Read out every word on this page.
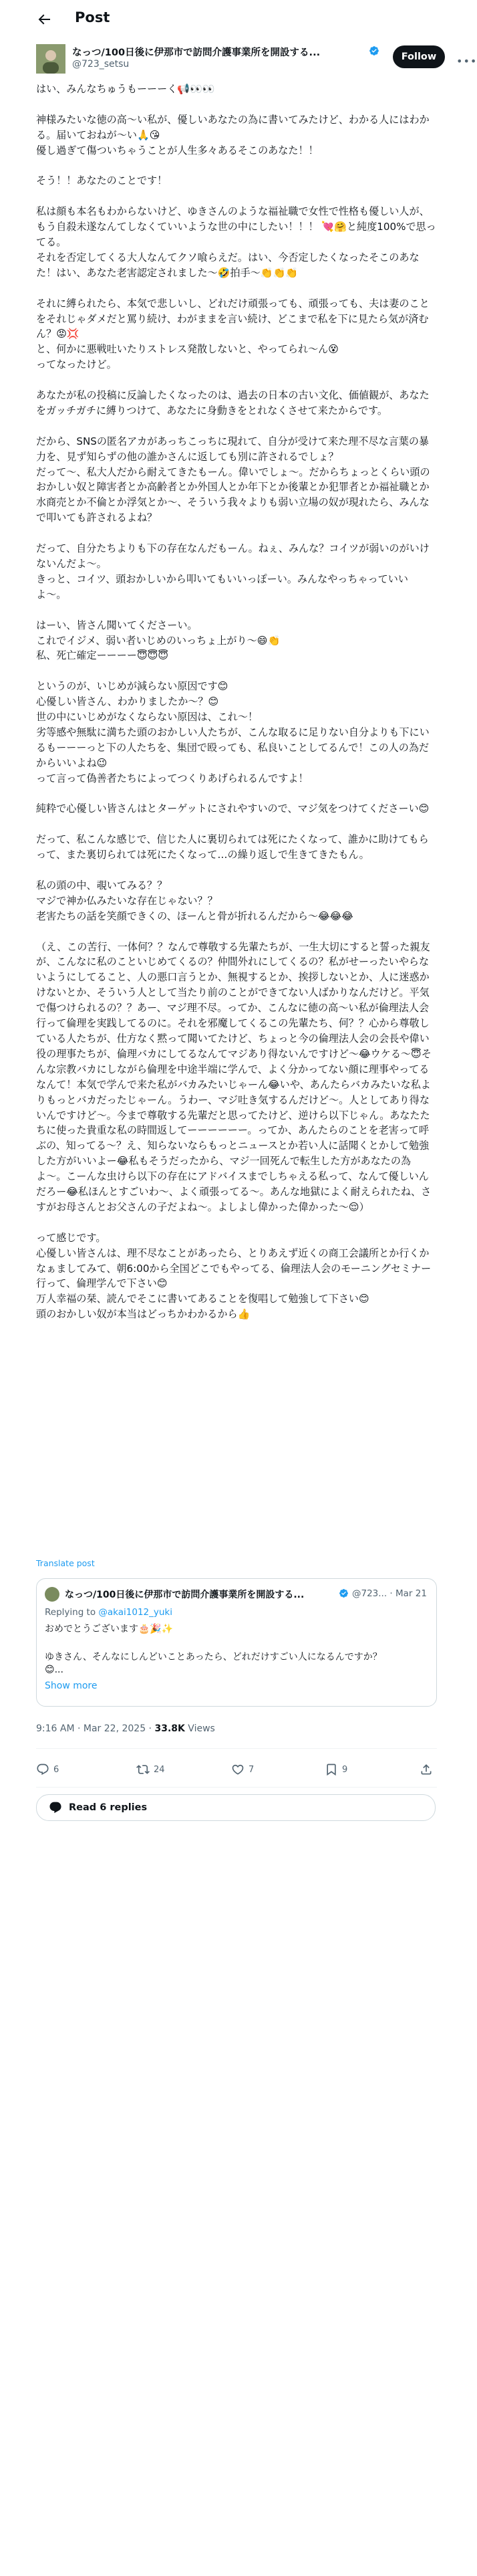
Post
なっつ/100日後に伊那市で訪問介護事業所を開設する...
@723_setsu
Follow	•••

はい、みんなちゅうもーーーく📢👀👀

神様みたいな徳の高〜い私が、優しいあなたの為に書いてみたけど、わかる人にはわかる。届いておねが〜い🙏😘
優し過ぎて傷ついちゃうことが人生多々あるそこのあなた！！

そう！！あなたのことです！

私は顔も本名もわからないけど、ゆきさんのような福祉職で女性で性格も優しい人が、もう自殺未遂なんてしなくていいような世の中にしたい！！！ 💘🤗と純度100%で思ってる。
それを否定してくる大人なんてクソ喰らえだ。はい、今否定したくなったそこのあなた！はい、あなた老害認定されました〜🤣拍手〜👏👏👏

それに縛られたら、本気で悲しいし、どれだけ頑張っても、頑張っても、夫は妻のことをそれじゃダメだと罵り続け、わがままを言い続け、どこまで私を下に見たら気が済むん？😡💢
と、何かに悪戦吐いたりストレス発散しないと、やってられ〜ん😵
ってなったけど。

あなたが私の投稿に反論したくなったのは、過去の日本の古い文化、価値観が、あなたをガッチガチに縛りつけて、あなたに身動きをとれなくさせて来たからです。

だから、SNSの匿名アカがあっちこっちに現れて、自分が受けて来た理不尽な言葉の暴力を、見ず知らずの他の誰かさんに返しても別に許されるでしょ？
だって〜、私大人だから耐えてきたもーん。偉いでしょ〜。だからちょっとくらい頭のおかしい奴と障害者とか高齢者とか外国人とか年下とか後輩とか犯罪者とか福祉職とか水商売とか不倫とか浮気とか〜、そういう我々よりも弱い立場の奴が現れたら、みんなで叩いても許されるよね？

だって、自分たちよりも下の存在なんだもーん。ねぇ、みんな？コイツが弱いのがいけないんだよ〜。
きっと、コイツ、頭おかしいから叩いてもいいっぽーい。みんなやっちゃっていいよ〜。

はーい、皆さん聞いてくださーい。
これでイジメ、弱い者いじめのいっちょ上がり〜😄👏
私、死亡確定ーーーー😇😇😇

というのが、いじめが減らない原因です😊
心優しい皆さん、わかりましたか〜？😊
世の中にいじめがなくならない原因は、これ〜！
劣等感や無駄に満ちた頭のおかしい人たちが、こんな取るに足りない自分よりも下にいるもーーーっと下の人たちを、集団で殴っても、私良いことしてるんで！この人の為だからいいよね😉
って言って偽善者たちによってつくりあげられるんですよ！

純粋で心優しい皆さんはとターゲットにされやすいので、マジ気をつけてくださーい😊

だって、私こんな感じで、信じた人に裏切られては死にたくなって、誰かに助けてもらって、また裏切られては死にたくなって…の繰り返しで生きてきたもん。

私の頭の中、覗いてみる？？
マジで神か仏みたいな存在じゃない？？
老害たちの話を笑顔できくの、ほーんと骨が折れるんだから〜😂😂😂

（え、この苦行、一体何？？なんで尊敬する先輩たちが、一生大切にすると誓った親友が、こんなに私のこといじめてくるの？仲間外れにしてくるの？私がせーったいやらないようにしてること、人の悪口言うとか、無視するとか、挨拶しないとか、人に迷惑かけないとか、そういう人として当たり前のことができてない人ばかりなんだけど。平気で傷つけられるの？？あー、マジ理不尽。ってか、こんなに徳の高〜い私が倫理法人会行って倫理を実践してるのに。それを邪魔してくるこの先輩たち、何？？心から尊敬している人たちが、仕方なく黙って聞いてたけど、ちょっと今の倫理法人会の会長や偉い役の理事たちが、倫理バカにしてるなんてマジあり得ないんですけど〜😂ウケる〜😇そんな宗教バカにしながら倫理を中途半端に学んで、よく分かってない顔に理事やってるなんて！本気で学んで来た私がバカみたいじゃーん😂いや、あんたらバカみたいな私よりもっとバカだったじゃーん。うわー、マジ吐き気するんだけど〜。人としてあり得ないんですけど〜。今まで尊敬する先輩だと思ってたけど、逆けら以下じゃん。あなたたちに使った貴重な私の時間返してーーーーーー。ってか、あんたらのことを老害って呼ぶの、知ってる〜？え、知らないならもっとニュースとか若い人に話聞くとかして勉強した方がいいよー😂私もそうだったから、マジ一回死んで転生した方があなたの為よ〜。こーんな虫けら以下の存在にアドバイスまでしちゃえる私って、なんて優しいんだろー😂私ほんとすごいわ〜、よく頑張ってる〜。あんな地獄によく耐えられたね、さすがお母さんとお父さんの子だよね〜。よしよし偉かった偉かった〜😌）

って感じです。
心優しい皆さんは、理不尽なことがあったら、とりあえず近くの商工会議所とか行くかなぁましてみて、朝6:00から全国どこでもやってる、倫理法人会のモーニングセミナー行って、倫理学んで下さい😊
万人幸福の栞、読んでそこに書いてあることを復唱して勉強して下さい😊
頭のおかしい奴が本当はどっちかわかるから👍

Translate post
なっつ/100日後に伊那市で訪問介護事業所を開設する...	@723... · Mar 21
Replying to @akai1012_yuki
おめでとうございます🎂🎉✨
ゆきさん、そんなにしんどいことあったら、どれだけすごい人になるんですか？
😊...
Show more
9:16 AM · Mar 22, 2025 · 33.8K Views
6	24	7	9
Read 6 replies
